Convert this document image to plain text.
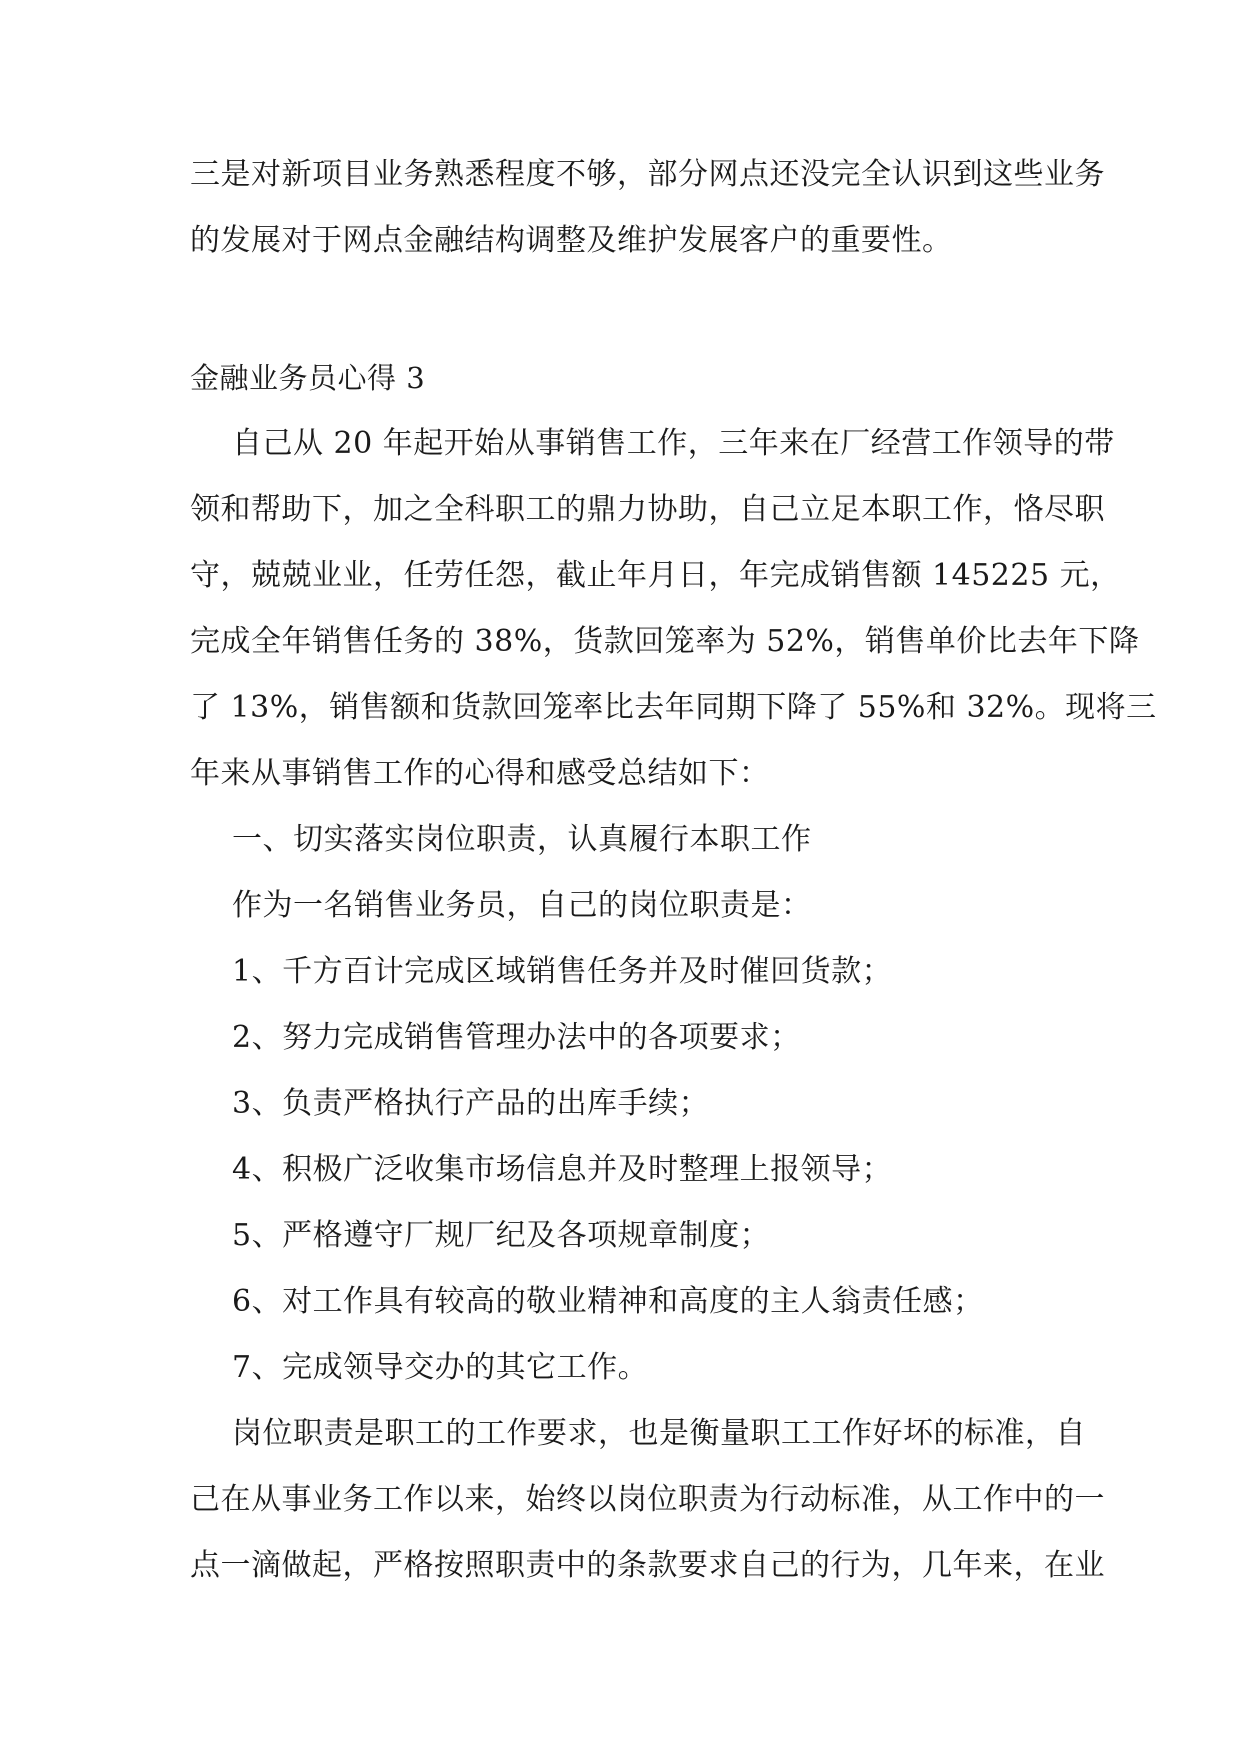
三是对新项目业务熟悉程度不够，部分网点还没完全认识到这些业务
的发展对于网点金融结构调整及维护发展客户的重要性。
金融业务员心得 3
自己从 20 年起开始从事销售工作，三年来在厂经营工作领导的带
领和帮助下，加之全科职工的鼎力协助，自己立足本职工作，恪尽职
守，兢兢业业，任劳任怨，截止年月日，年完成销售额 145225 元，
完成全年销售任务的 38%，货款回笼率为 52%，销售单价比去年下降
了 13%，销售额和货款回笼率比去年同期下降了 55%和 32%。现将三
年来从事销售工作的心得和感受总结如下：
一、切实落实岗位职责，认真履行本职工作
作为一名销售业务员，自己的岗位职责是：
1、千方百计完成区域销售任务并及时催回货款；
2、努力完成销售管理办法中的各项要求；
3、负责严格执行产品的出库手续；
4、积极广泛收集市场信息并及时整理上报领导；
5、严格遵守厂规厂纪及各项规章制度；
6、对工作具有较高的敬业精神和高度的主人翁责任感；
7、完成领导交办的其它工作。
岗位职责是职工的工作要求，也是衡量职工工作好坏的标准，自
己在从事业务工作以来，始终以岗位职责为行动标准，从工作中的一
点一滴做起，严格按照职责中的条款要求自己的行为，几年来，在业
